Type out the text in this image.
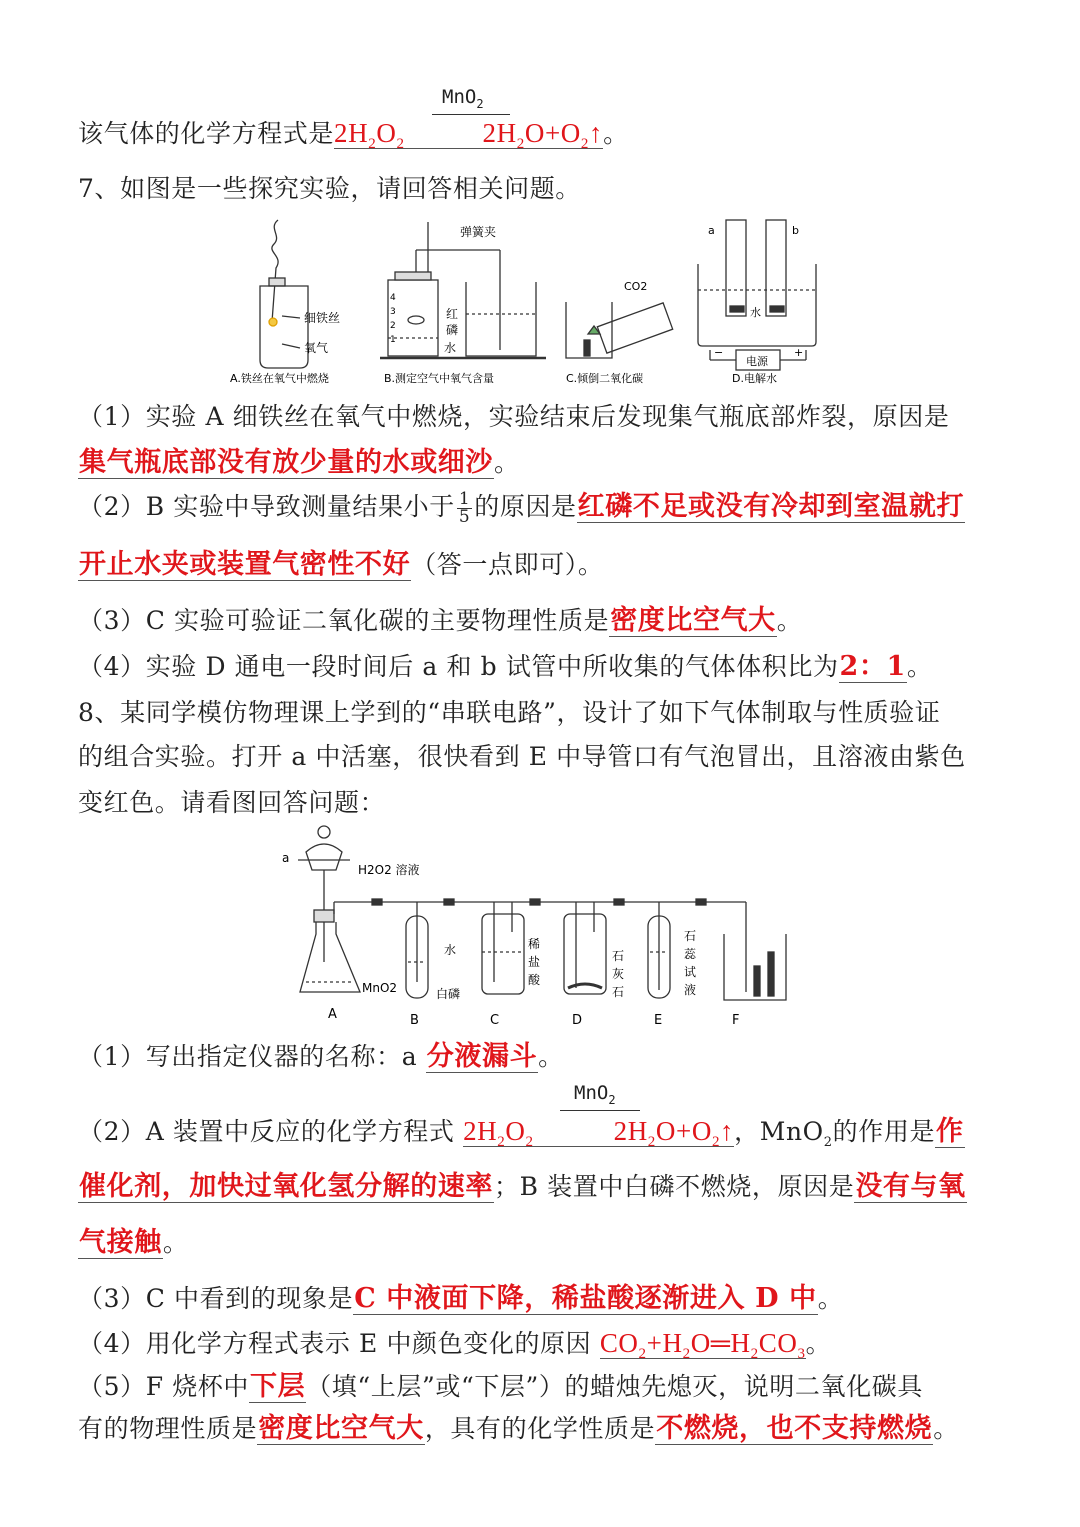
MnO$_2$
该气体的化学方程式是$2H_2O_2$	$2H_2O+O_2↑$。
7、如图是一些探究实验，请回答相关问题。
细铁丝
氧气
A.铁丝在氧气中燃烧
弹簧夹
红
磷
水
4
3
2
1
B.测定空气中氧气含量
CO2
C.倾倒二氧化碳
a	b
水
电源
−	+
D.电解水
（1）实验 A 细铁丝在氧气中燃烧，实验结束后发现集气瓶底部炸裂，原因是
集气瓶底部没有放少量的水或细沙。
（2）B 实验中导致测量结果小于 $\frac{1}{5}$ 的原因是红磷不足或没有冷却到室温就打
开止水夹或装置气密性不好（答一点即可）。
（3）C 实验可验证二氧化碳的主要物理性质是密度比空气大。
（4）实验 D 通电一段时间后 a 和 b 试管中所收集的气体体积比为2：1。
8、某同学模仿物理课上学到的“串联电路”，设计了如下气体制取与性质验证
的组合实验。打开 a 中活塞，很快看到 E 中导管口有气泡冒出，且溶液由紫色
变红色。请看图回答问题：
a
H2O2 溶液
MnO2
水
白磷
稀
盐
酸
石
灰
石
石
蕊
试
液
A	B	C	D	E	F
（1）写出指定仪器的名称：a 分液漏斗。
MnO$_2$
（2）A 装置中反应的化学方程式 $2H_2O_2$	$2H_2O+O_2↑$，MnO$_2$的作用是作
催化剂，加快过氧化氢分解的速率；B 装置中白磷不燃烧，原因是没有与氧
气接触。
（3）C 中看到的现象是C 中液面下降，稀盐酸逐渐进入 D 中。
（4）用化学方程式表示 E 中颜色变化的原因 $CO_2+H_2O═H_2CO_3$。
（5）F 烧杯中下层（填“上层”或“下层”）的蜡烛先熄灭，说明二氧化碳具
有的物理性质是密度比空气大，具有的化学性质是不燃烧，也不支持燃烧。
